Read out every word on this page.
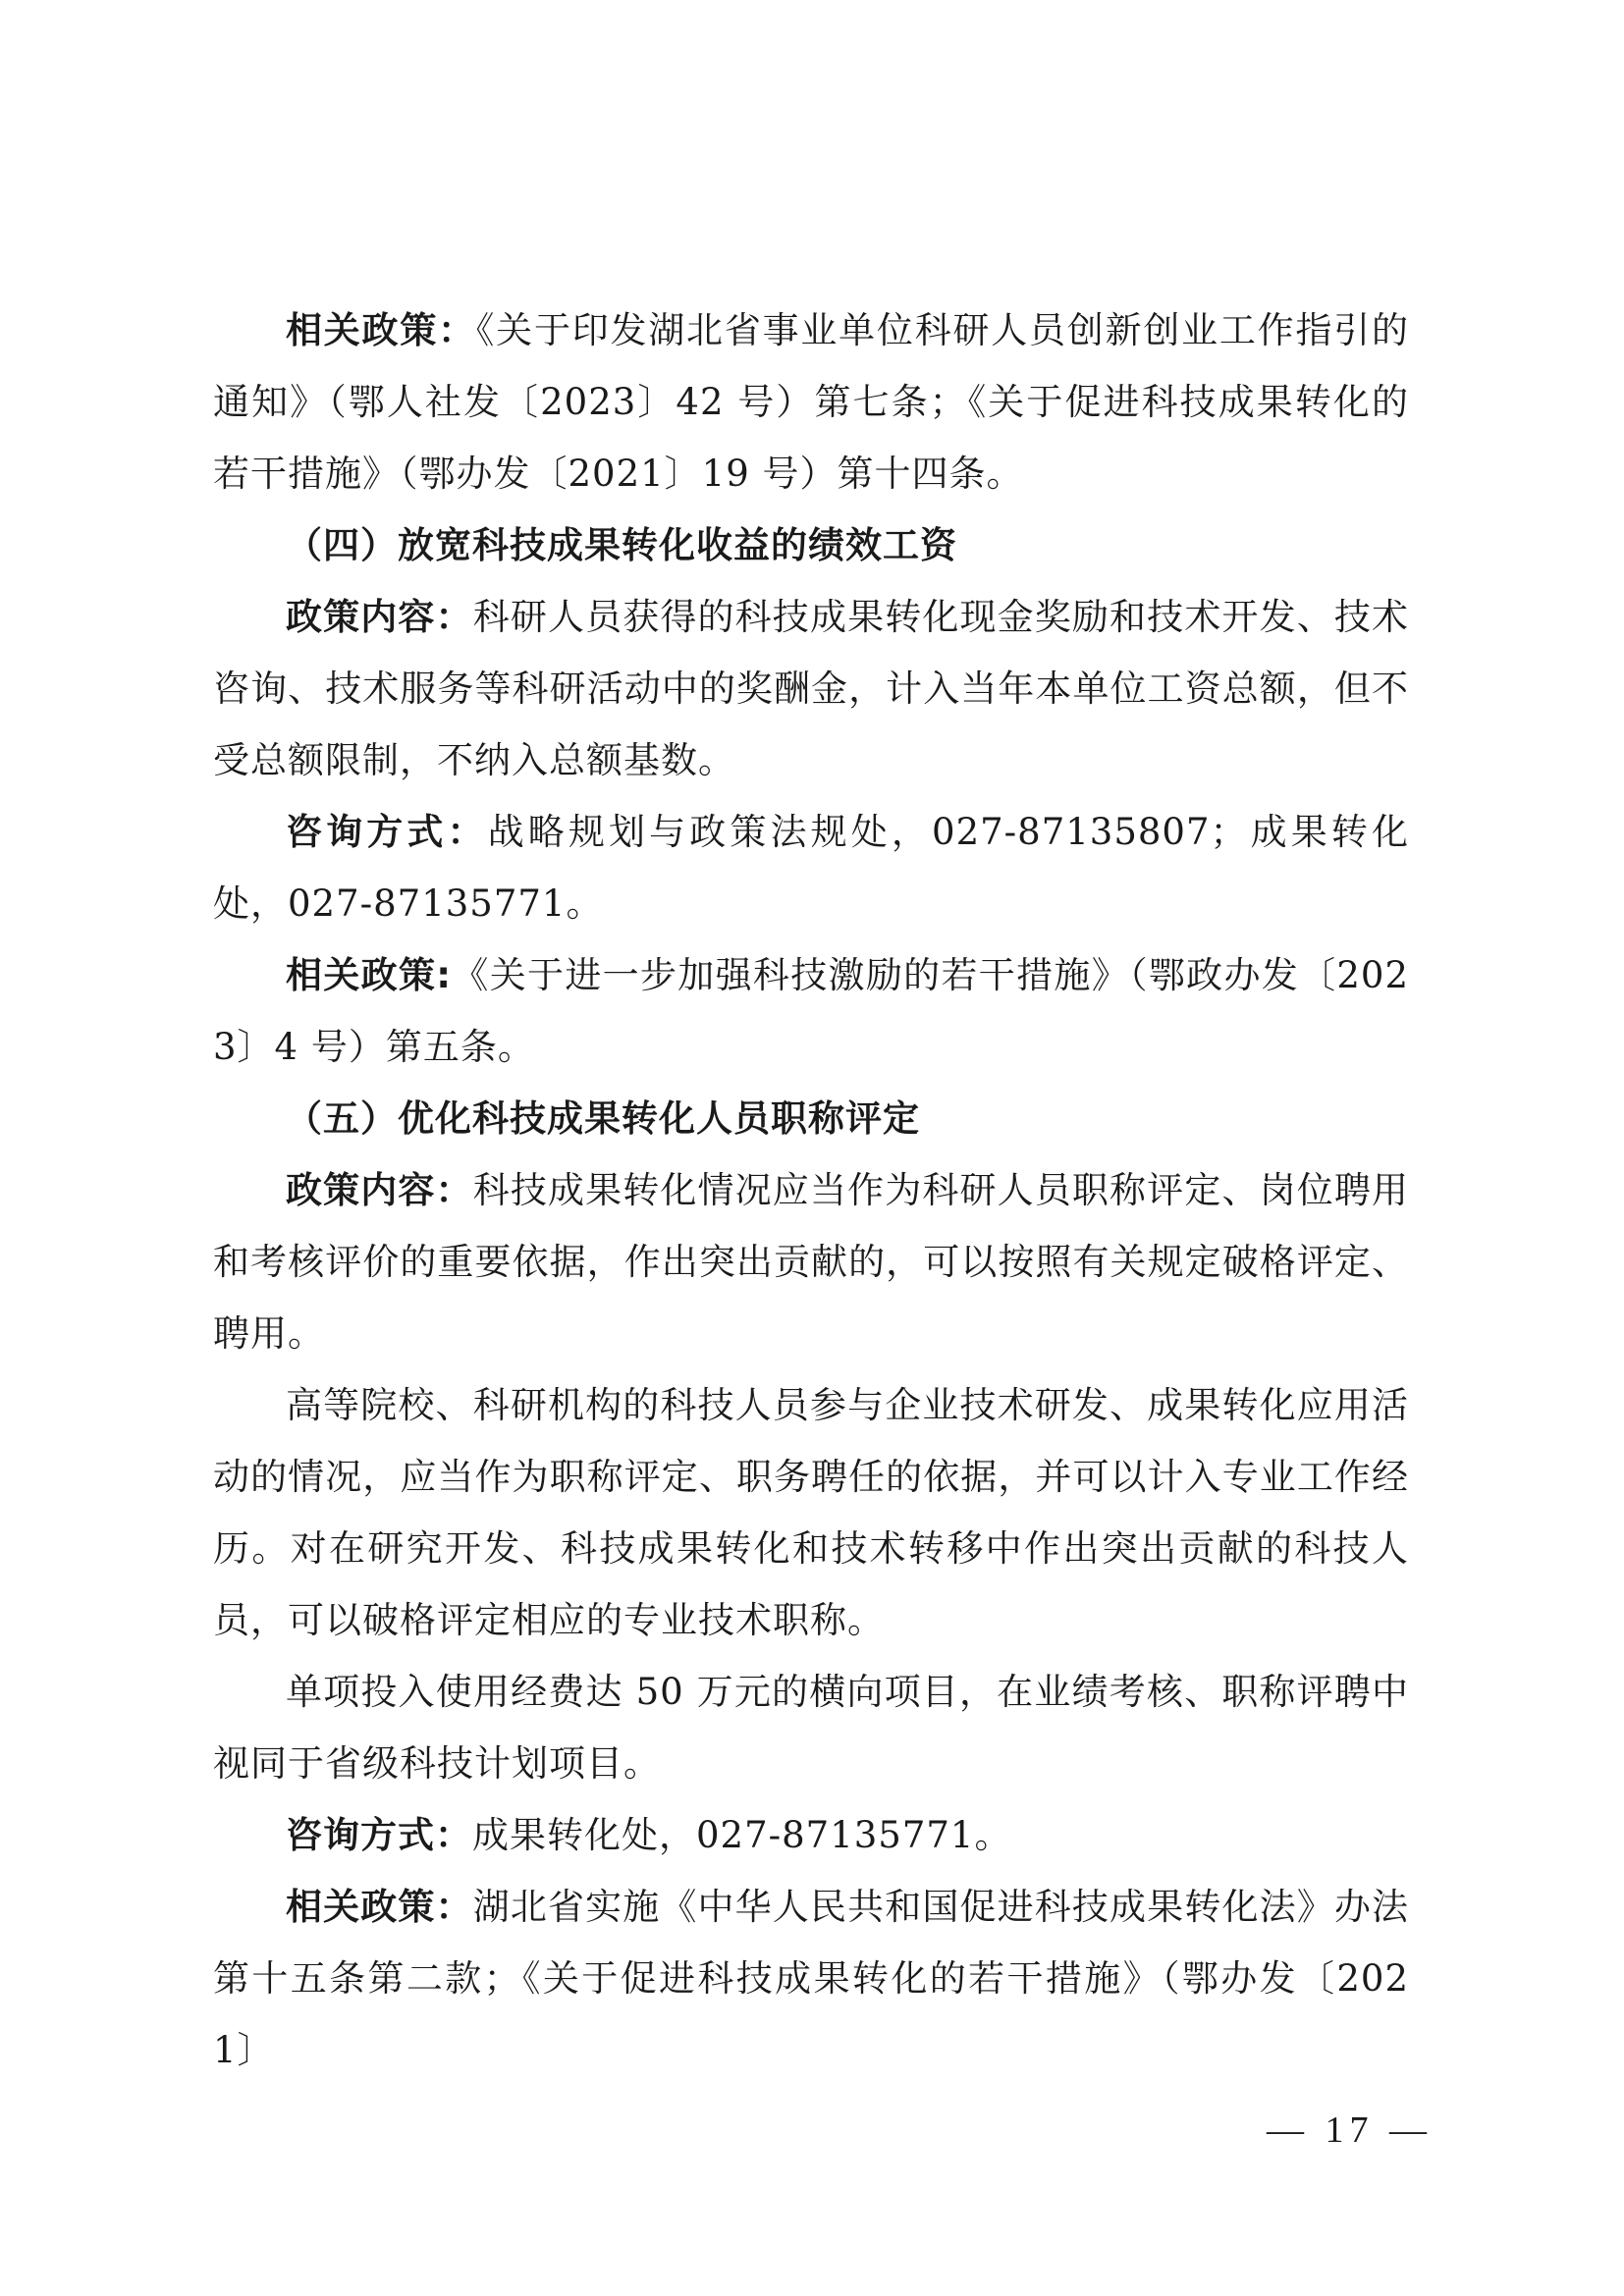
相关政策：《关于印发湖北省事业单位科研人员创新创业工作指引的通知》（鄂人社发〔2023〕42 号）第七条；《关于促进科技成果转化的若干措施》（鄂办发〔2021〕19 号）第十四条。

（四）放宽科技成果转化收益的绩效工资

政策内容：科研人员获得的科技成果转化现金奖励和技术开发、技术咨询、技术服务等科研活动中的奖酬金，计入当年本单位工资总额，但不受总额限制，不纳入总额基数。

咨询方式：战略规划与政策法规处，027-87135807；成果转化处，027-87135771。

相关政策:《关于进一步加强科技激励的若干措施》（鄂政办发〔2023〕4 号）第五条。

（五）优化科技成果转化人员职称评定

政策内容：科技成果转化情况应当作为科研人员职称评定、岗位聘用和考核评价的重要依据，作出突出贡献的，可以按照有关规定破格评定、聘用。

高等院校、科研机构的科技人员参与企业技术研发、成果转化应用活动的情况，应当作为职称评定、职务聘任的依据，并可以计入专业工作经历。对在研究开发、科技成果转化和技术转移中作出突出贡献的科技人员，可以破格评定相应的专业技术职称。

单项投入使用经费达 50 万元的横向项目，在业绩考核、职称评聘中视同于省级科技计划项目。

咨询方式：成果转化处，027-87135771。

相关政策：湖北省实施《中华人民共和国促进科技成果转化法》办法第十五条第二款；《关于促进科技成果转化的若干措施》（鄂办发〔2021〕

— 17 —
